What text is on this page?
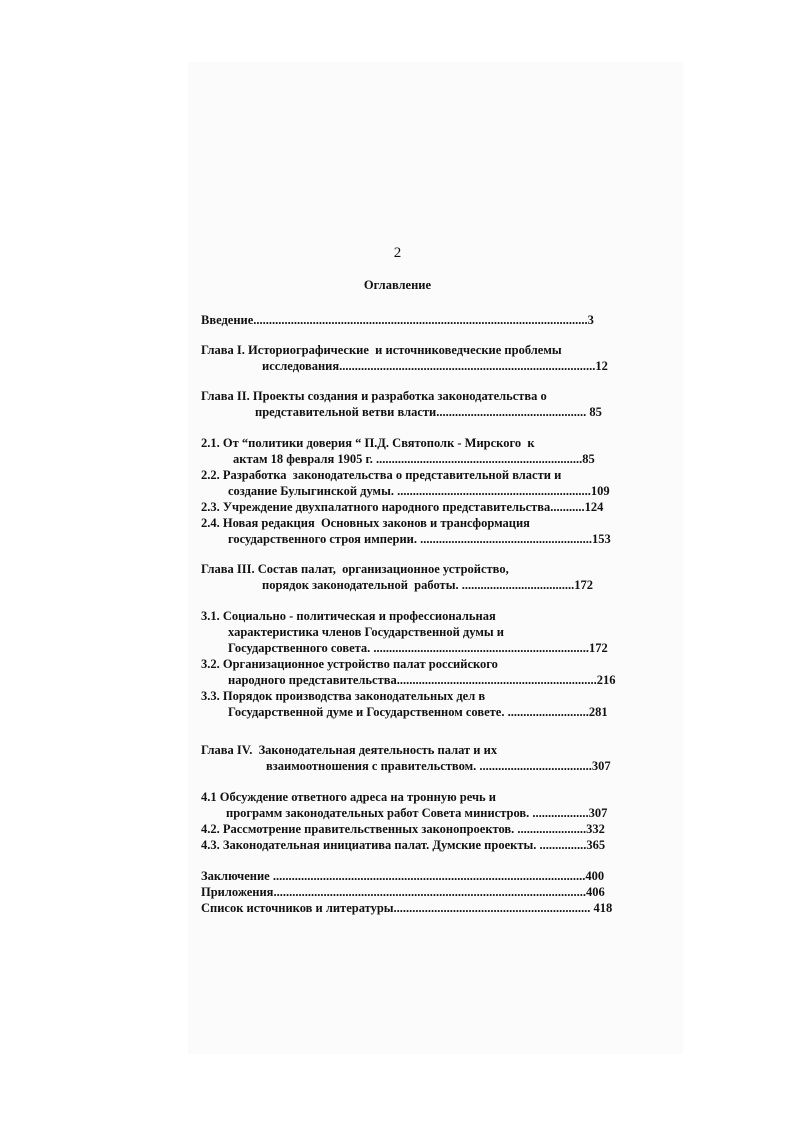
2
Оглавление
Введение...........................................................................................................3
Глава I. Историографические  и источниковедческие проблемы
исследования..................................................................................12
Глава II. Проекты создания и разработка законодательства о
представительной ветви власти................................................ 85
2.1. От “политики доверия “ П.Д. Святополк - Мирского  к
актам 18 февраля 1905 г. ..................................................................85
2.2. Разработка  законодательства о представительной власти и
создание Булыгинской думы. ..............................................................109
2.3. Учреждение двухпалатного народного представительства...........124
2.4. Новая редакция  Основных законов и трансформация
государственного строя империи. .......................................................153
Глава III. Состав палат,  организационное устройство,
порядок законодательной  работы. ....................................172
3.1. Социально - политическая и профессиональная
характеристика членов Государственной думы и
Государственного совета. .....................................................................172
3.2. Организационное устройство палат российского
народного представительства................................................................216
3.3. Порядок производства законодательных дел в
Государственной думе и Государственном совете. ..........................281
Глава IV.  Законодательная деятельность палат и их
взаимоотношения с правительством. ....................................307
4.1 Обсуждение ответного адреса на тронную речь и
программ законодательных работ Совета министров. ..................307
4.2. Рассмотрение правительственных законопроектов. ......................332
4.3. Законодательная инициатива палат. Думские проекты. ...............365
Заключение ....................................................................................................400
Приложения....................................................................................................406
Список источников и литературы............................................................... 418
